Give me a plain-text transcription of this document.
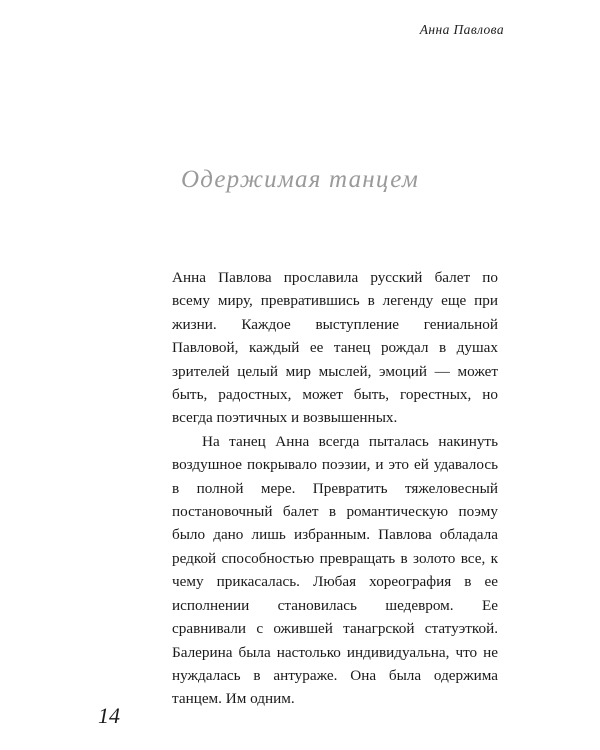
Анна Павлова
Одержимая танцем

Анна Павлова прославила русский балет по всему миру, превратившись в легенду еще при жизни. Каждое выступление гениальной Павловой, каждый ее танец рождал в душах зрителей целый мир мыслей, эмоций — может быть, радостных, может быть, горестных, но всегда поэтичных и возвышенных.

На танец Анна всегда пыталась накинуть воздушное покрывало поэзии, и это ей удавалось в полной мере. Превратить тяжеловесный постановочный балет в романтическую поэму было дано лишь избранным. Павлова обладала редкой способностью превращать в золото все, к чему прикасалась. Любая хореография в ее исполнении становилась шедевром. Ее сравнивали с ожившей танагрской статуэткой. Балерина была настолько индивидуальна, что не нуждалась в антураже. Она была одержима танцем. Им одним.

14
